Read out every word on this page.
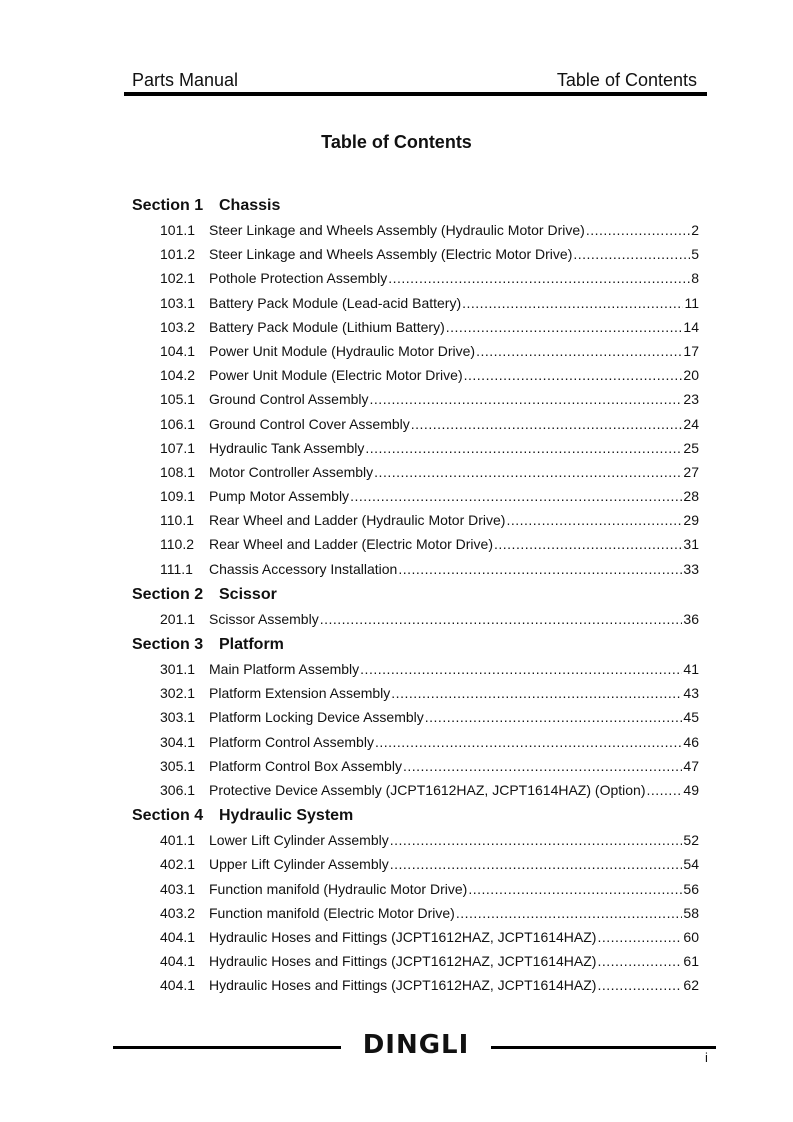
Parts Manual	Table of Contents
Table of Contents
Section 1 Chassis
101.1 Steer Linkage and Wheels Assembly (Hydraulic Motor Drive) .....	2
101.2 Steer Linkage and Wheels Assembly (Electric Motor Drive) .....	5
102.1 Pothole Protection Assembly .....	8
103.1 Battery Pack Module (Lead-acid Battery) .....	11
103.2 Battery Pack Module (Lithium Battery) .....	14
104.1 Power Unit Module (Hydraulic Motor Drive) .....	17
104.2 Power Unit Module (Electric Motor Drive) .....	20
105.1 Ground Control Assembly .....	23
106.1 Ground Control Cover Assembly .....	24
107.1 Hydraulic Tank Assembly .....	25
108.1 Motor Controller Assembly .....	27
109.1 Pump Motor Assembly .....	28
110.1	Rear Wheel and Ladder (Hydraulic Motor Drive) .....	29
110.2	Rear Wheel and Ladder (Electric Motor Drive) .....	31
111.1	Chassis Accessory Installation .....	33
Section 2 Scissor
201.1 Scissor Assembly .....	36
Section 3 Platform
301.1 Main Platform Assembly .....	41
302.1 Platform Extension Assembly .....	43
303.1 Platform Locking Device Assembly .....	45
304.1 Platform Control Assembly .....	46
305.1 Platform Control Box Assembly .....	47
306.1 Protective Device Assembly (JCPT1612HAZ, JCPT1614HAZ) (Option) .....	49
Section 4 Hydraulic System
401.1 Lower Lift Cylinder Assembly .....	52
402.1 Upper Lift Cylinder Assembly .....	54
403.1 Function manifold (Hydraulic Motor Drive) .....	56
403.2 Function manifold (Electric Motor Drive) .....	58
404.1 Hydraulic Hoses and Fittings (JCPT1612HAZ, JCPT1614HAZ) .....	60
404.1 Hydraulic Hoses and Fittings (JCPT1612HAZ, JCPT1614HAZ) .....	61
404.1 Hydraulic Hoses and Fittings (JCPT1612HAZ, JCPT1614HAZ) .....	62
DINGLI	i
